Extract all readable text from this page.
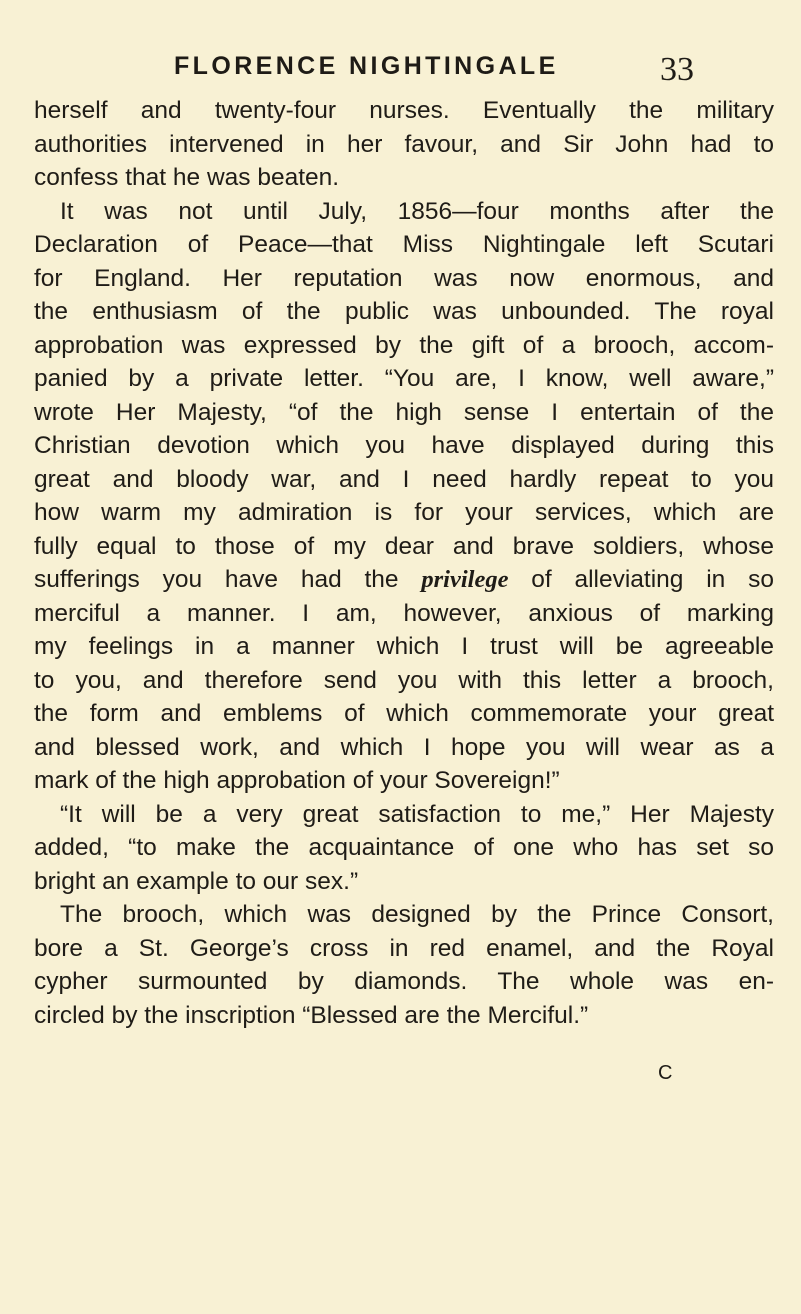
FLORENCE NIGHTINGALE	33
herself and twenty-four nurses. Eventually the military
authorities intervened in her favour, and Sir John had to
confess that he was beaten.
It was not until July, 1856—four months after the
Declaration of Peace—that Miss Nightingale left Scutari
for England. Her reputation was now enormous, and
the enthusiasm of the public was unbounded. The royal
approbation was expressed by the gift of a brooch, accom-
panied by a private letter. “You are, I know, well aware,”
wrote Her Majesty, “of the high sense I entertain of the
Christian devotion which you have displayed during this
great and bloody war, and I need hardly repeat to you
how warm my admiration is for your services, which are
fully equal to those of my dear and brave soldiers, whose
sufferings you have had the privilege of alleviating in so
merciful a manner. I am, however, anxious of marking
my feelings in a manner which I trust will be agreeable
to you, and therefore send you with this letter a brooch,
the form and emblems of which commemorate your great
and blessed work, and which I hope you will wear as a
mark of the high approbation of your Sovereign!”
“It will be a very great satisfaction to me,” Her Majesty
added, “to make the acquaintance of one who has set so
bright an example to our sex.”
The brooch, which was designed by the Prince Consort,
bore a St. George’s cross in red enamel, and the Royal
cypher surmounted by diamonds. The whole was en-
circled by the inscription “Blessed are the Merciful.”
C
